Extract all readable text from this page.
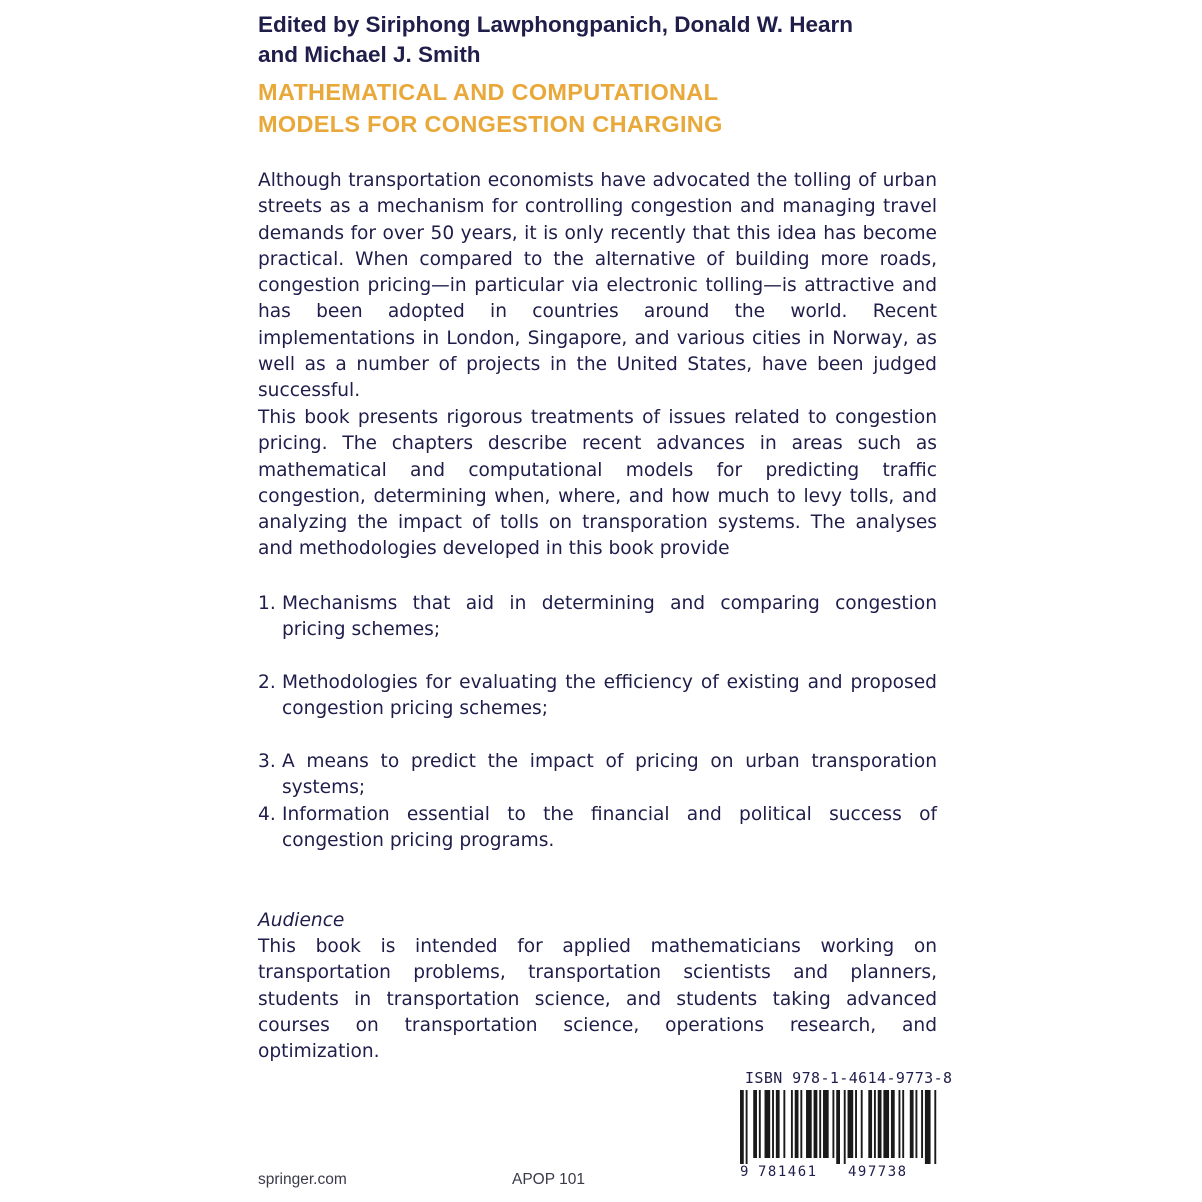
Edited by Siriphong Lawphongpanich, Donald W. Hearn
and Michael J. Smith
MATHEMATICAL AND COMPUTATIONAL
MODELS FOR CONGESTION CHARGING
Although transportation economists have advocated the tolling of urban streets as a mechanism for controlling congestion and managing travel demands for over 50 years, it is only recently that this idea has become practical. When compared to the alternative of building more roads, congestion pricing—in particular via electronic tolling—is attractive and has been adopted in countries around the world. Recent implementations in London, Singapore, and various cities in Norway, as well as a number of projects in the United States, have been judged successful.
This book presents rigorous treatments of issues related to congestion pricing. The chapters describe recent advances in areas such as mathematical and computational models for predicting traffic congestion, determining when, where, and how much to levy tolls, and analyzing the impact of tolls on transporation systems. The analyses and methodologies developed in this book provide
1. Mechanisms that aid in determining and comparing congestion pricing schemes;
2. Methodologies for evaluating the efficiency of existing and proposed congestion pricing schemes;
3. A means to predict the impact of pricing on urban transporation systems;
4. Information essential to the financial and political success of congestion pricing programs.
Audience
This book is intended for applied mathematicians working on transportation problems, transportation scientists and planners, students in transportation science, and students taking advanced courses on transportation science, operations research, and optimization.
ISBN 978-1-4614-9773-8
9 781461 497738
springer.com	APOP 101
